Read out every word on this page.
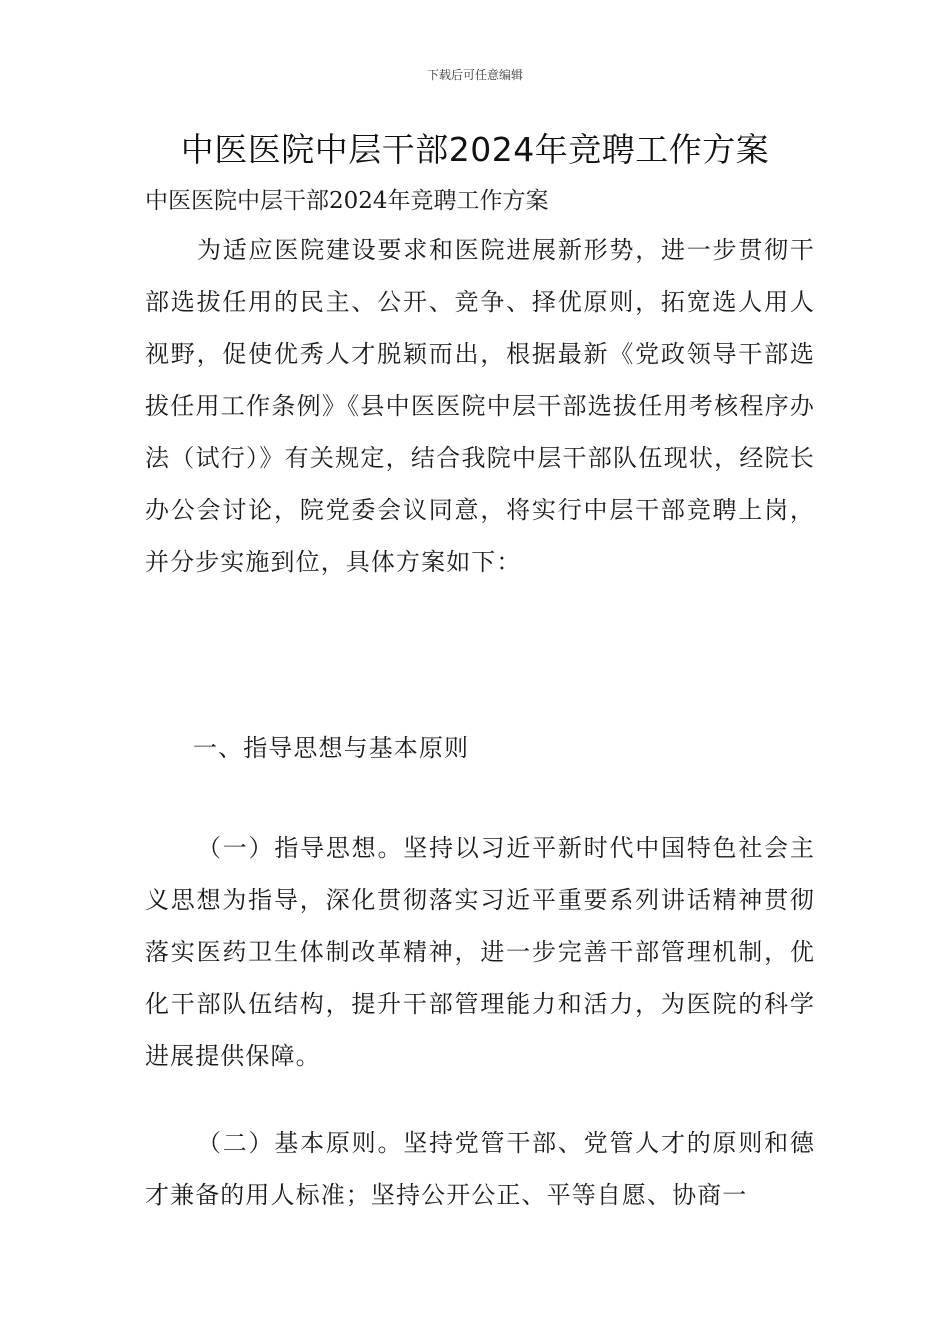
下载后可任意编辑
中医医院中层干部2024年竞聘工作方案
中医医院中层干部2024年竞聘工作方案

为适应医院建设要求和医院进展新形势，进一步贯彻干部选拔任用的民主、公开、竞争、择优原则，拓宽选人用人视野，促使优秀人才脱颖而出，根据最新《党政领导干部选拔任用工作条例》《县中医医院中层干部选拔任用考核程序办法（试行）》有关规定，结合我院中层干部队伍现状，经院长办公会讨论，院党委会议同意，将实行中层干部竞聘上岗，并分步实施到位，具体方案如下：

一、指导思想与基本原则

（一）指导思想。坚持以习近平新时代中国特色社会主义思想为指导，深化贯彻落实习近平重要系列讲话精神贯彻落实医药卫生体制改革精神，进一步完善干部管理机制，优化干部队伍结构，提升干部管理能力和活力，为医院的科学进展提供保障。

（二）基本原则。坚持党管干部、党管人才的原则和德才兼备的用人标准；坚持公开公正、平等自愿、协商一
